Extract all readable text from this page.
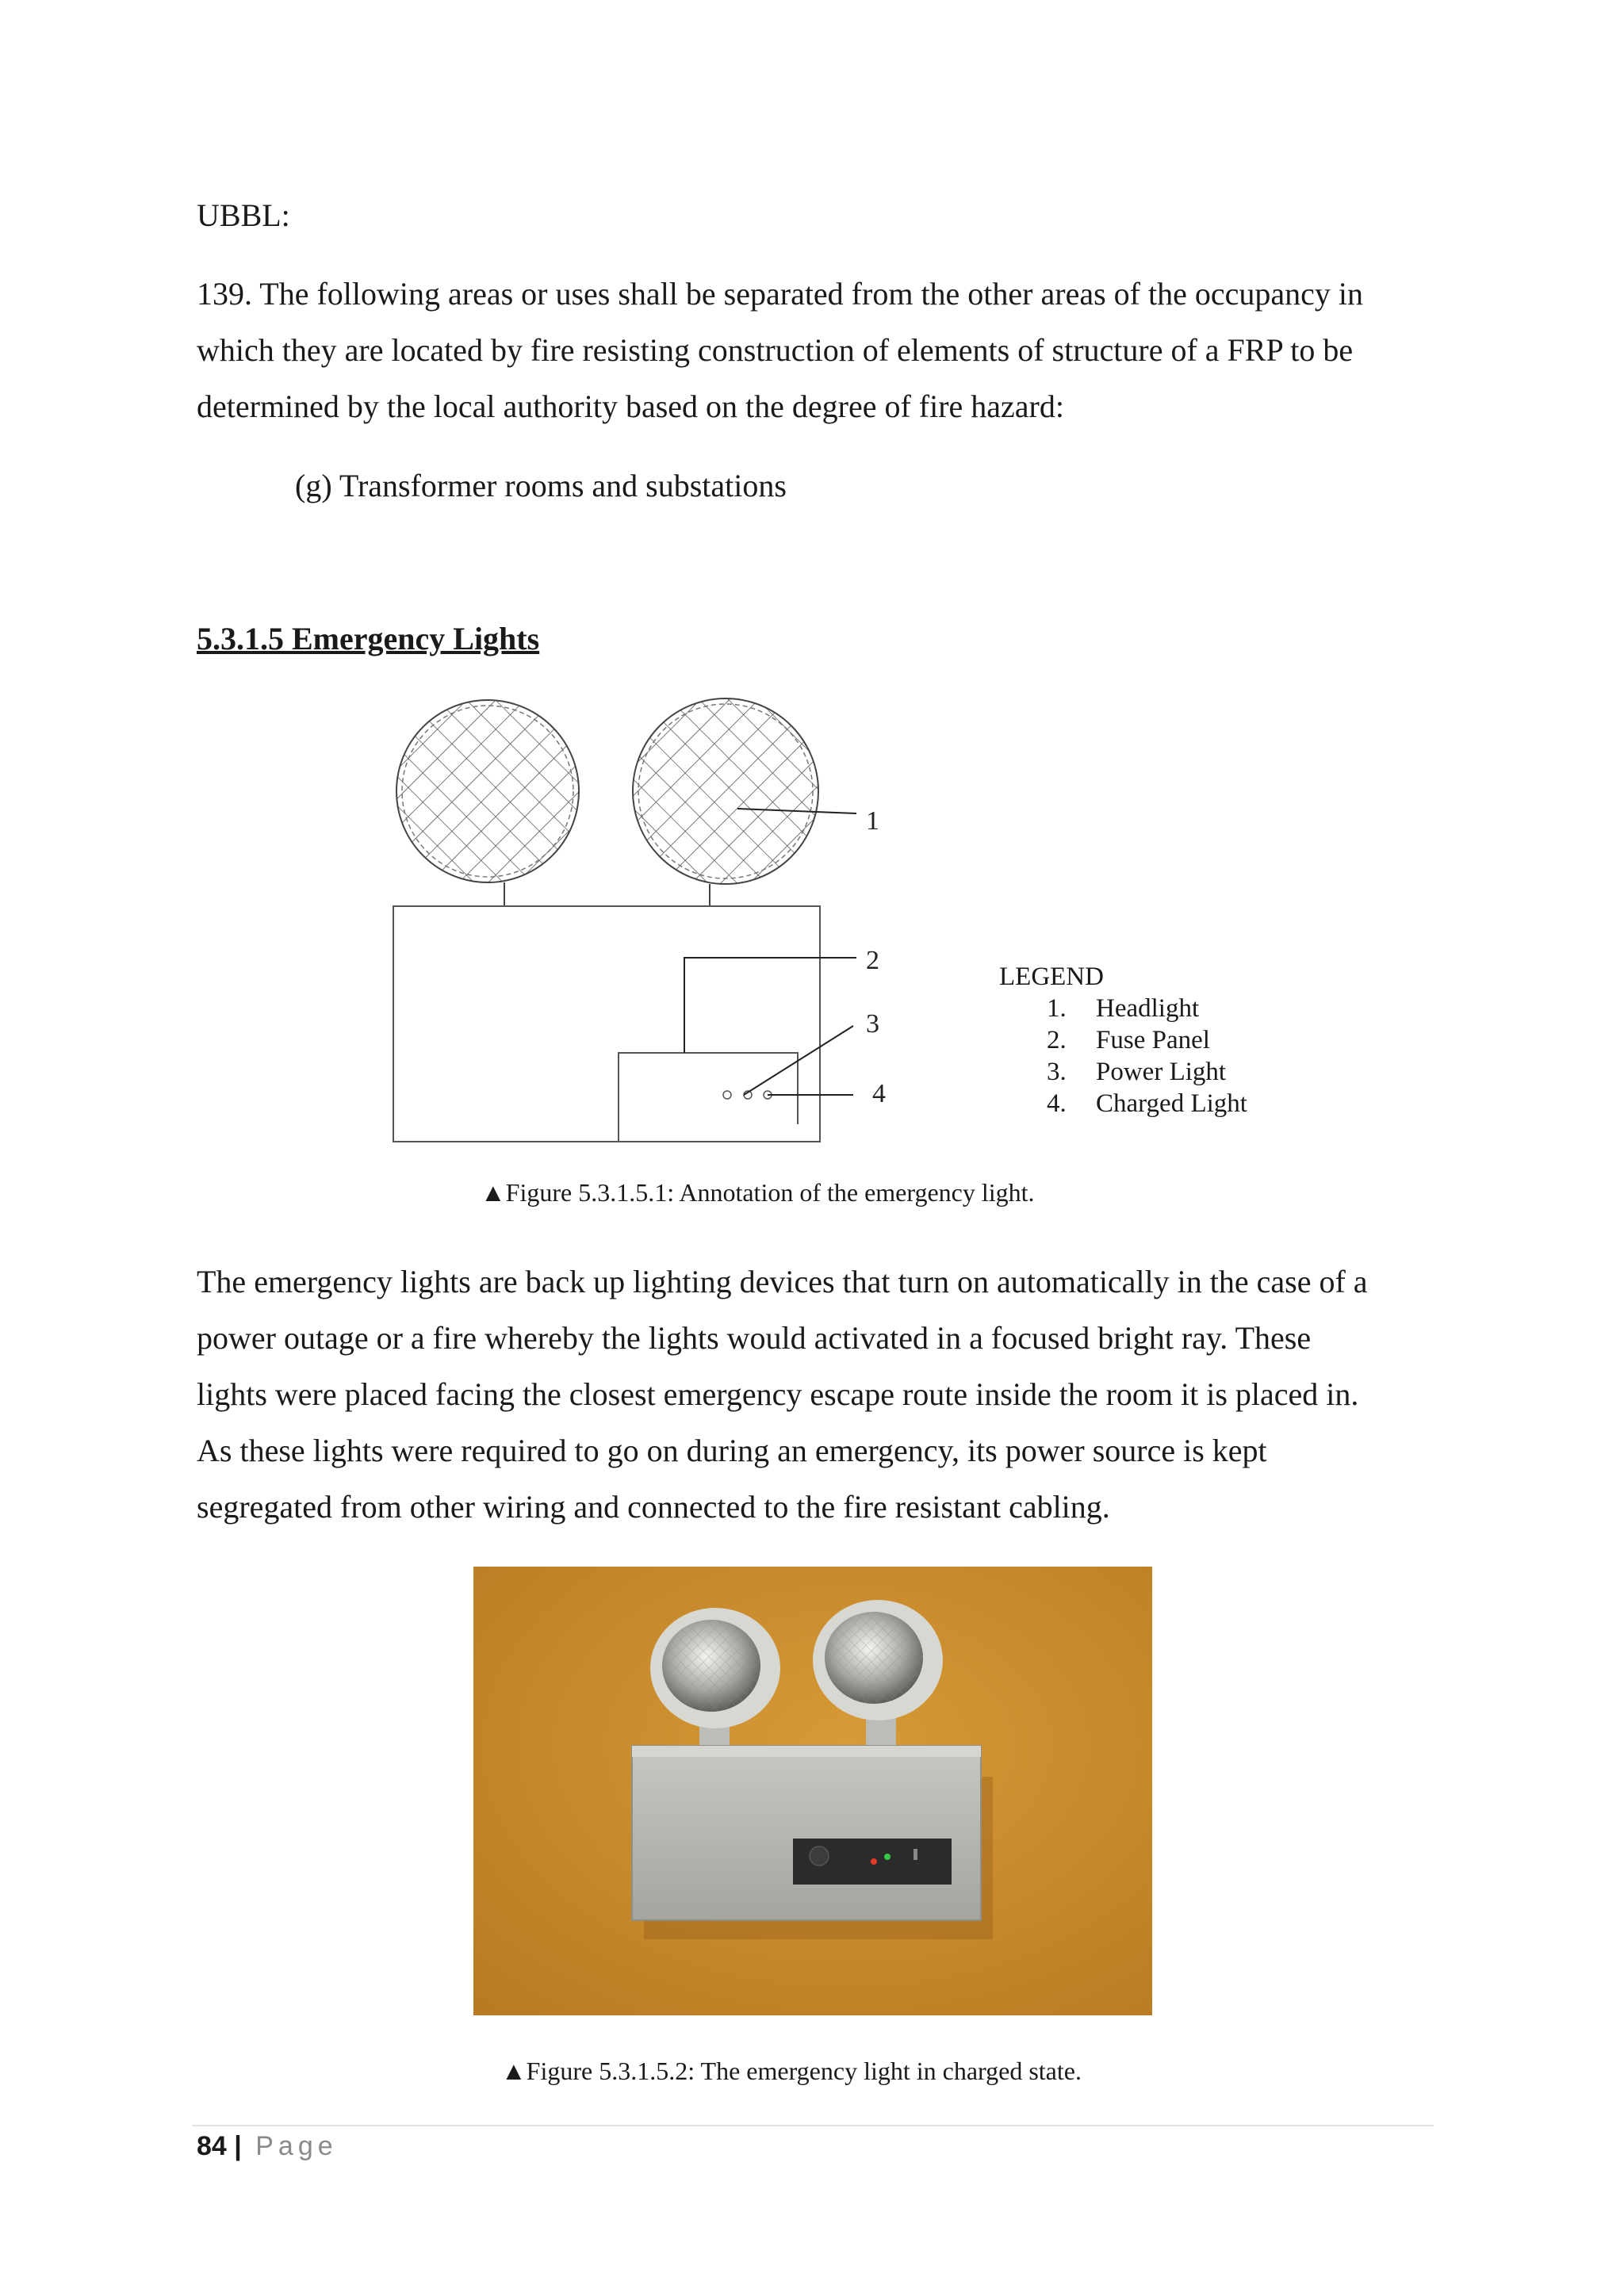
UBBL:
139. The following areas or uses shall be separated from the other areas of the occupancy in
which they are located by fire resisting construction of elements of structure of a FRP to be
determined by the local authority based on the degree of fire hazard:
(g) Transformer rooms and substations
5.3.1.5 Emergency Lights
1
2
3
4
LEGEND
1. Headlight
2. Fuse Panel
3. Power Light
4. Charged Light
▲Figure 5.3.1.5.1: Annotation of the emergency light.
The emergency lights are back up lighting devices that turn on automatically in the case of a
power outage or a fire whereby the lights would activated in a focused bright ray. These
lights were placed facing the closest emergency escape route inside the room it is placed in.
As these lights were required to go on during an emergency, its power source is kept
segregated from other wiring and connected to the fire resistant cabling.
▲Figure 5.3.1.5.2: The emergency light in charged state.
84 | Page
